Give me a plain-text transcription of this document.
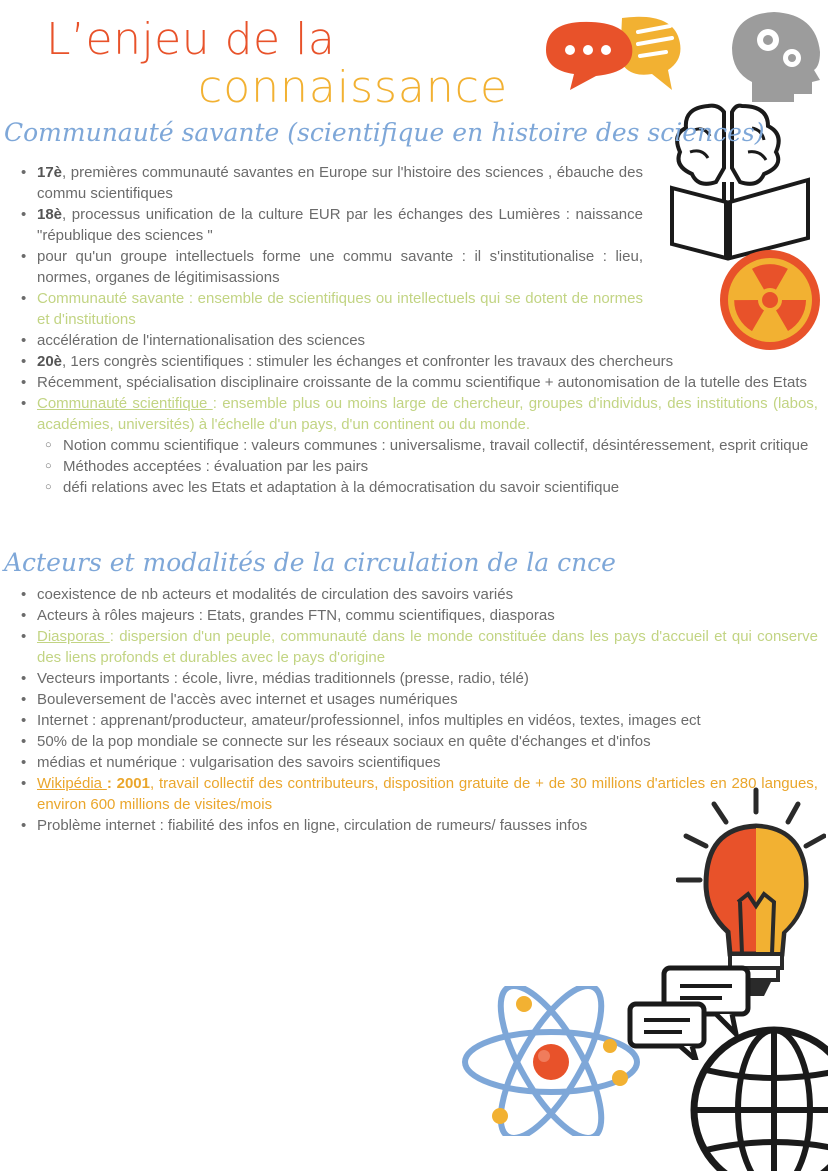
L’enjeu de la
connaissance
Communauté savante (scientifique en histoire des sciences)
• 17è, premières communauté savantes en Europe sur l'histoire des sciences , ébauche des commu scientifiques
• 18è, processus unification de la culture EUR par les échanges des Lumières : naissance "république des sciences "
• pour qu'un groupe intellectuels forme une commu savante : il s'institutionalise : lieu, normes, organes de légitimisassions
• Communauté savante : ensemble de scientifiques ou intellectuels qui se dotent de normes et d'institutions
• accélération de l'internationalisation des sciences
• 20è, 1ers congrès scientifiques : stimuler les échanges et confronter les travaux des chercheurs
• Récemment, spécialisation disciplinaire croissante de la commu scientifique + autonomisation de la tutelle des Etats
• Communauté scientifique : ensemble plus ou moins large de chercheur, groupes d'individus, des institutions (labos, académies, universités) à l'échelle d'un pays, d'un continent ou du monde.
○ Notion commu scientifique : valeurs communes : universalisme, travail collectif, désintéressement, esprit critique
○ Méthodes acceptées : évaluation par les pairs
○ défi relations avec les Etats et adaptation à la démocratisation du savoir scientifique
Acteurs et modalités de la circulation de la cnce
• coexistence de nb acteurs et modalités de circulation des savoirs variés
• Acteurs à rôles majeurs : Etats, grandes FTN, commu scientifiques, diasporas
• Diasporas : dispersion d'un peuple, communauté dans le monde constituée dans les pays d'accueil et qui conserve des liens profonds et durables avec le pays d'origine
• Vecteurs importants : école, livre, médias traditionnels (presse, radio, télé)
• Bouleversement de l'accès avec internet et usages numériques
• Internet : apprenant/producteur, amateur/professionnel, infos multiples en vidéos, textes, images ect
• 50% de la pop mondiale se connecte sur les réseaux sociaux en quête d'échanges et d'infos
• médias et numérique : vulgarisation des savoirs scientifiques
• Wikipédia : 2001, travail collectif des contributeurs, disposition gratuite de + de 30 millions d'articles en 280 langues, environ 600 millions de visites/mois
• Problème internet : fiabilité des infos en ligne, circulation de rumeurs/ fausses infos
